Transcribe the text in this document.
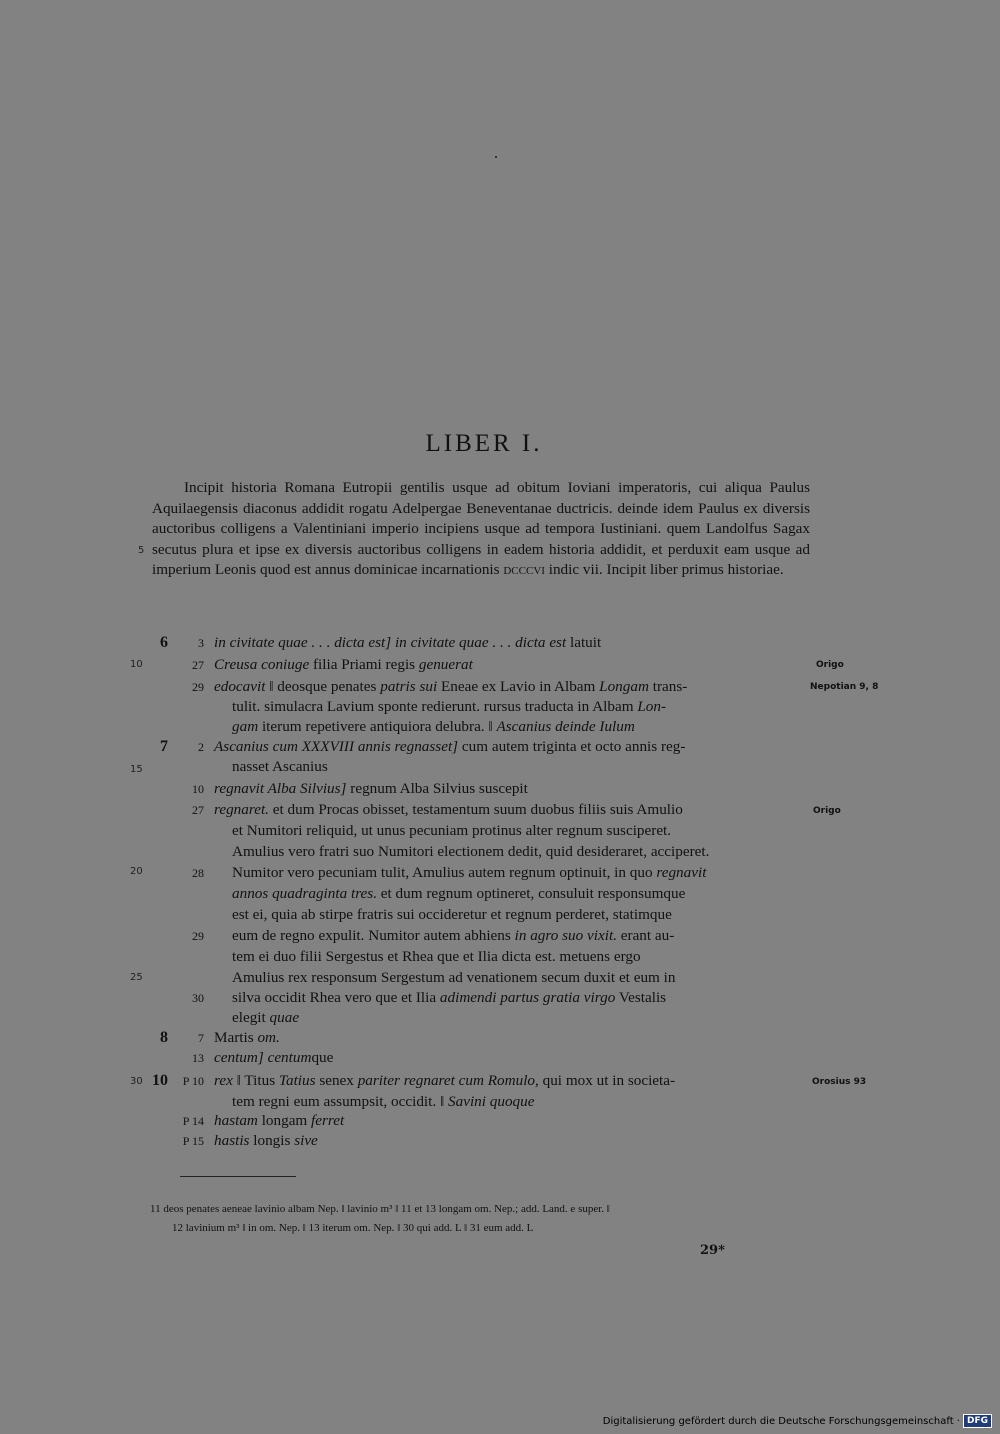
LIBER I.

Incipit historia Romana Eutropii gentilis usque ad obitum Ioviani imperatoris, cui aliqua Paulus Aquilaegensis diaconus addidit rogatu Adelpergae Beneventanae ductricis. deinde idem Paulus ex diversis auctoribus colligens a Valentiniani imperio incipiens usque ad tempora Iustiniani. quem Landolfus Sagax secutus plura et ipse ex diversis auctoribus colligens in eadem historia addidit, et perduxit eam usque ad imperium Leonis quod est annus dominicae incarnationis dcccvi indic vii. Incipit liber primus historiae.

5
10
15
20
25
30
Origo
Nepotian 9, 8
Origo
Orosius 93
6	3 in civitate quae . . . dicta est] in civitate quae . . . dicta est latuit
27 Creusa coniuge filia Priami regis genuerat
29 edocavit ‖ deosque penates patris sui Eneae ex Lavio in Albam Longam trans-
tulit. simulacra Lavium sponte redierunt. rursus traducta in Albam Lon-
gam iterum repetivere antiquiora delubra. ‖ Ascanius deinde Iulum
7	2 Ascanius cum XXXVIII annis regnasset] cum autem triginta et octo annis reg-
nasset Ascanius
10 regnavit Alba Silvius] regnum Alba Silvius suscepit
27 regnaret. et dum Procas obisset, testamentum suum duobus filiis suis Amulio
et Numitori reliquid, ut unus pecuniam protinus alter regnum susciperet.
Amulius vero fratri suo Numitori electionem dedit, quid desideraret, acciperet.
28 Numitor vero pecuniam tulit, Amulius autem regnum optinuit, in quo regnavit
annos quadraginta tres. et dum regnum optineret, consuluit responsumque
est ei, quia ab stirpe fratris sui occideretur et regnum perderet, statimque
29 eum de regno expulit. Numitor autem abhiens in agro suo vixit. erant au-
tem ei duo filii Sergestus et Rhea que et Ilia dicta est. metuens ergo
Amulius rex responsum Sergestum ad venationem secum duxit et eum in
30 silva occidit Rhea vero que et Ilia adimendi partus gratia virgo Vestalis
elegit quae
8	7 Martis om.
13 centum] centumque
10	P 10 rex ‖ Titus Tatius senex pariter regnaret cum Romulo, qui mox ut in societa-
tem regni eum assumpsit, occidit. ‖ Savini quoque
P 14 hastam longam ferret
P 15 hastis longis sive
11 deos penates aeneae lavinio albam Nep. ‖ lavinio m³ ‖ 11 et 13 longam om. Nep.; add. Land. e super. ‖
12 lavinium m³ ‖ in om. Nep. ‖ 13 iterum om. Nep. ‖ 30 qui add. L ‖ 31 eum add. L
29*
Digitalisierung gefördert durch die Deutsche Forschungsgemeinschaft · DFG
